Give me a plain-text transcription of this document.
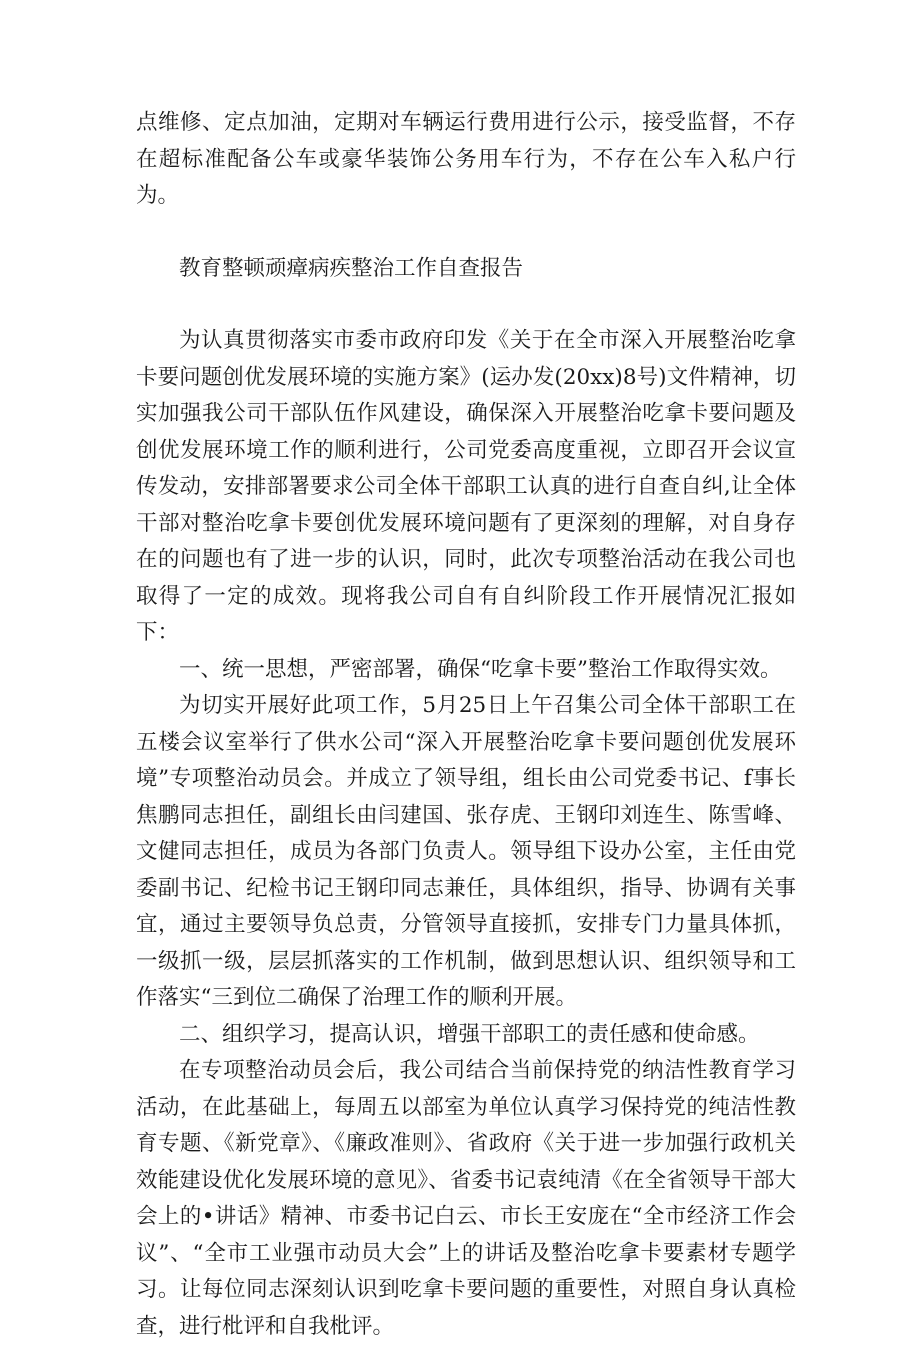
点维修、定点加油，定期对车辆运行费用进行公示，接受监督，不存在超标准配备公车或豪华装饰公务用车行为，不存在公车入私户行为。

教育整顿顽瘴病疾整治工作自查报告

为认真贯彻落实市委市政府印发《关于在全市深入开展整治吃拿卡要问题创优发展环境的实施方案》(运办发(20xx)8号)文件精神，切实加强我公司干部队伍作风建设，确保深入开展整治吃拿卡要问题及创优发展环境工作的顺利进行，公司党委高度重视，立即召开会议宣传发动，安排部署要求公司全体干部职工认真的进行自查自纠,让全体干部对整治吃拿卡要创优发展环境问题有了更深刻的理解，对自身存在的问题也有了进一步的认识，同时，此次专项整治活动在我公司也取得了一定的成效。现将我公司自有自纠阶段工作开展情况汇报如下：

一、统一思想，严密部署，确保“吃拿卡要”整治工作取得实效。

为切实开展好此项工作，5月25日上午召集公司全体干部职工在五楼会议室举行了供水公司“深入开展整治吃拿卡要问题创优发展环境”专项整治动员会。并成立了领导组，组长由公司党委书记、f事长焦鹏同志担任，副组长由闫建国、张存虎、王钢印刘连生、陈雪峰、文健同志担任，成员为各部门负责人。领导组下设办公室，主任由党委副书记、纪检书记王钢印同志兼任，具体组织，指导、协调有关事宜，通过主要领导负总责，分管领导直接抓，安排专门力量具体抓，一级抓一级，层层抓落实的工作机制，做到思想认识、组织领导和工作落实“三到位二确保了治理工作的顺利开展。

二、组织学习，提高认识，增强干部职工的责任感和使命感。

在专项整治动员会后，我公司结合当前保持党的纳洁性教育学习活动，在此基础上，每周五以部室为单位认真学习保持党的纯洁性教育专题、《新党章》、《廉政准则》、省政府《关于进一步加强行政机关效能建设优化发展环境的意见》、省委书记袁纯清《在全省领导干部大会上的•讲话》精神、市委书记白云、市长王安庞在“全市经济工作会议”、“全市工业强市动员大会”上的讲话及整治吃拿卡要素材专题学习。让每位同志深刻认识到吃拿卡要问题的重要性，对照自身认真检查，进行枇评和自我枇评。
